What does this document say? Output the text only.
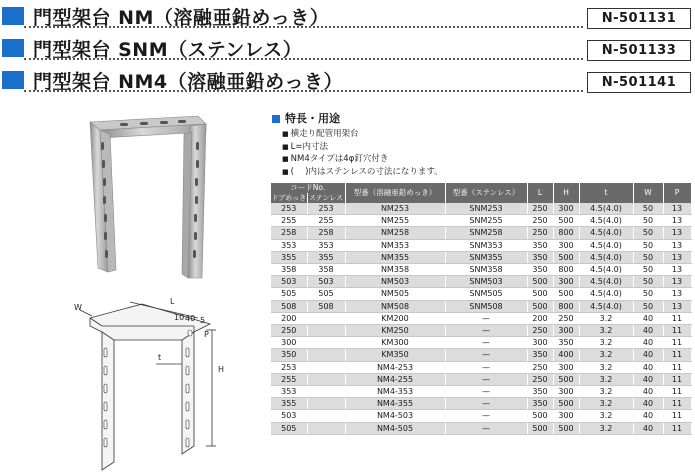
門型架台 NM（溶融亜鉛めっき）	N-501131
門型架台 SNM（ステンレス）	N-501133
門型架台 NM4（溶融亜鉛めっき）	N-501141
W
L
10 40 5
P
t
H
特長・用途
■ 横走り配管用架台
■ L=内寸法
■ NM4タイプは4φ釘穴付き
■ (　 )内はステンレスの寸法になります。
コードNo.		型番（溶融亜鉛めっき）	型番（ステンレス）	L	H	t	W	P
ドブめっき	ステンレス							
253	253	NM253	SNM253	250	300	4.5(4.0)	50	13
255	255	NM255	SNM255	250	500	4.5(4.0)	50	13
258	258	NM258	SNM258	250	800	4.5(4.0)	50	13
353	353	NM353	SNM353	350	300	4.5(4.0)	50	13
355	355	NM355	SNM355	350	500	4.5(4.0)	50	13
358	358	NM358	SNM358	350	800	4.5(4.0)	50	13
503	503	NM503	SNM503	500	300	4.5(4.0)	50	13
505	505	NM505	SNM505	500	500	4.5(4.0)	50	13
508	508	NM508	SNM508	500	800	4.5(4.0)	50	13
200		KM200	—	200	250	3.2	40	11
250		KM250	—	250	300	3.2	40	11
300		KM300	—	300	350	3.2	40	11
350		KM350	—	350	400	3.2	40	11
253		NM4-253	—	250	300	3.2	40	11
255		NM4-255	—	250	500	3.2	40	11
353		NM4-353	—	350	300	3.2	40	11
355		NM4-355	—	350	500	3.2	40	11
503		NM4-503	—	500	300	3.2	40	11
505		NM4-505	—	500	500	3.2	40	11
